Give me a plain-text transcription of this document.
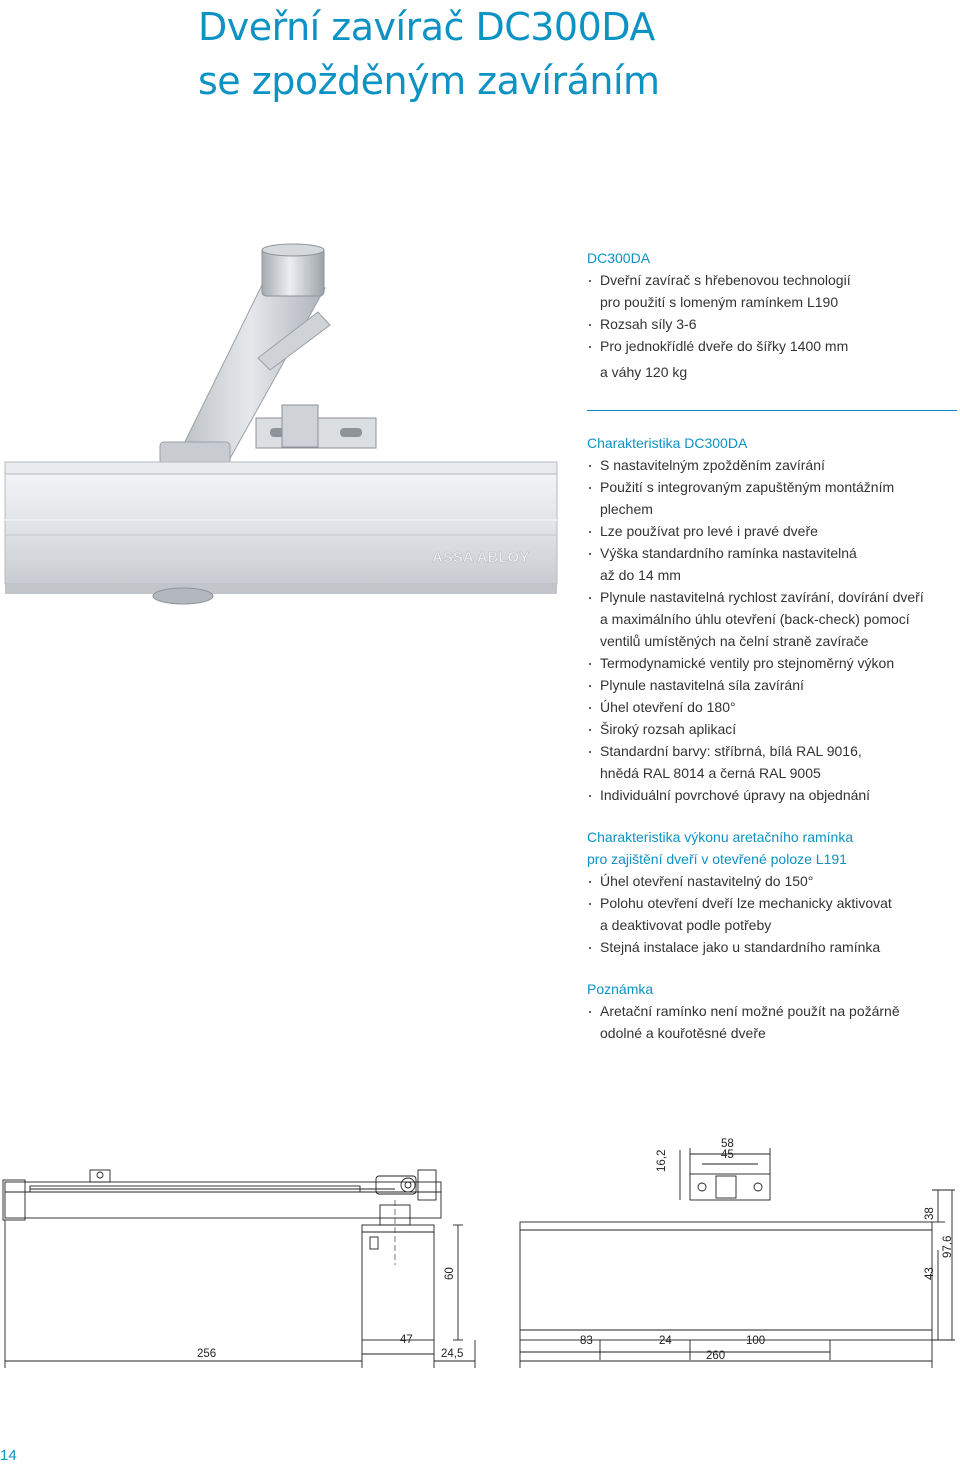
Dveřní zavírač DC300DA
se zpožděným zavíráním
ASSA ABLOY
DC300DA
Dveřní zavírač s hřebenovou technologií
pro použití s lomeným ramínkem L190
Rozsah síly 3-6
Pro jednokřídlé dveře do šířky 1400 mm
a váhy 120 kg
Charakteristika DC300DA
S nastavitelným zpožděním zavírání
Použití s integrovaným zapuštěným montážním
plechem
Lze používat pro levé i pravé dveře
Výška standardního ramínka nastavitelná
až do 14 mm
Plynule nastavitelná rychlost zavírání, dovírání dveří
a maximálního úhlu otevření (back-check) pomocí
ventilů umístěných na čelní straně zavírače
Termodynamické ventily pro stejnoměrný výkon
Plynule nastavitelná síla zavírání
Úhel otevření do 180°
Široký rozsah aplikací
Standardní barvy: stříbrná, bílá RAL 9016,
hnědá RAL 8014 a černá RAL 9005
Individuální povrchové úpravy na objednání
Charakteristika výkonu aretačního ramínka
pro zajištění dveří v otevřené poloze L191
Úhel otevření nastavitelný do 150°
Polohu otevření dveří lze mechanicky aktivovat
a deaktivovat podle potřeby
Stejná instalace jako u standardního ramínka
Poznámka
Aretační ramínko není možné použít na požárně
odolné a kouřotěsné dveře
256
47
24,5
60
16,2
58
45
83	24	100
260
38
43
97,6
14
